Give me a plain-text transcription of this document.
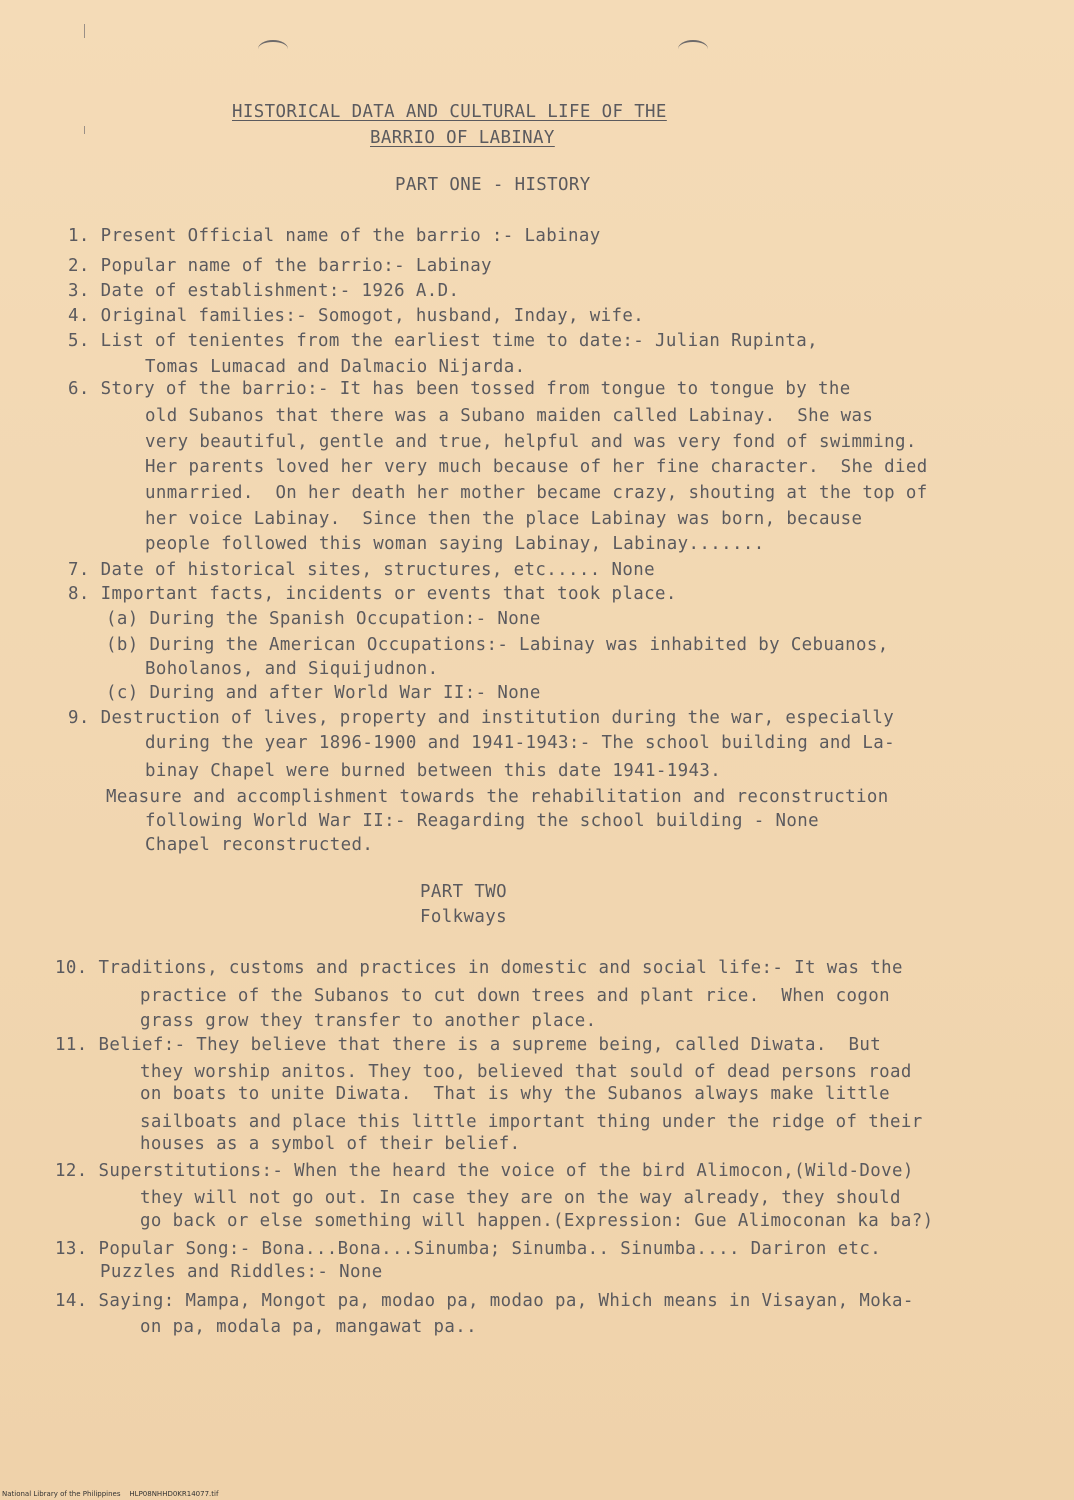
HISTORICAL DATA AND CULTURAL LIFE OF THE
BARRIO OF LABINAY
PART ONE - HISTORY
1. Present Official name of the barrio :- Labinay
2. Popular name of the barrio:- Labinay
3. Date of establishment:- 1926 A.D.
4. Original families:- Somogot, husband, Inday, wife.
5. List of tenientes from the earliest time to date:- Julian Rupinta,
Tomas Lumacad and Dalmacio Nijarda.
6. Story of the barrio:- It has been tossed from tongue to tongue by the
old Subanos that there was a Subano maiden called Labinay.  She was
very beautiful, gentle and true, helpful and was very fond of swimming.
Her parents loved her very much because of her fine character.  She died
unmarried.  On her death her mother became crazy, shouting at the top of
her voice Labinay.  Since then the place Labinay was born, because
people followed this woman saying Labinay, Labinay.......
7. Date of historical sites, structures, etc..... None
8. Important facts, incidents or events that took place.
(a) During the Spanish Occupation:- None
(b) During the American Occupations:- Labinay was inhabited by Cebuanos,
Boholanos, and Siquijudnon.
(c) During and after World War II:- None
9. Destruction of lives, property and institution during the war, especially
during the year 1896-1900 and 1941-1943:- The school building and La-
binay Chapel were burned between this date 1941-1943.
Measure and accomplishment towards the rehabilitation and reconstruction
following World War II:- Reagarding the school building - None
Chapel reconstructed.
PART TWO
Folkways
10. Traditions, customs and practices in domestic and social life:- It was the
practice of the Subanos to cut down trees and plant rice.  When cogon
grass grow they transfer to another place.
11. Belief:- They believe that there is a supreme being, called Diwata.  But
they worship anitos. They too, believed that sould of dead persons road
on boats to unite Diwata.  That is why the Subanos always make little
sailboats and place this little important thing under the ridge of their
houses as a symbol of their belief.
12. Superstitutions:- When the heard the voice of the bird Alimocon,(Wild-Dove)
they will not go out. In case they are on the way already, they should
go back or else something will happen.(Expression: Gue Alimoconan ka ba?)
13. Popular Song:- Bona...Bona...Sinumba; Sinumba.. Sinumba.... Dariron etc.
Puzzles and Riddles:- None
14. Saying: Mampa, Mongot pa, modao pa, modao pa, Which means in Visayan, Moka-
on pa, modala pa, mangawat pa..
National Library of the Philippines HLP08NHHD0KR14077.tif
